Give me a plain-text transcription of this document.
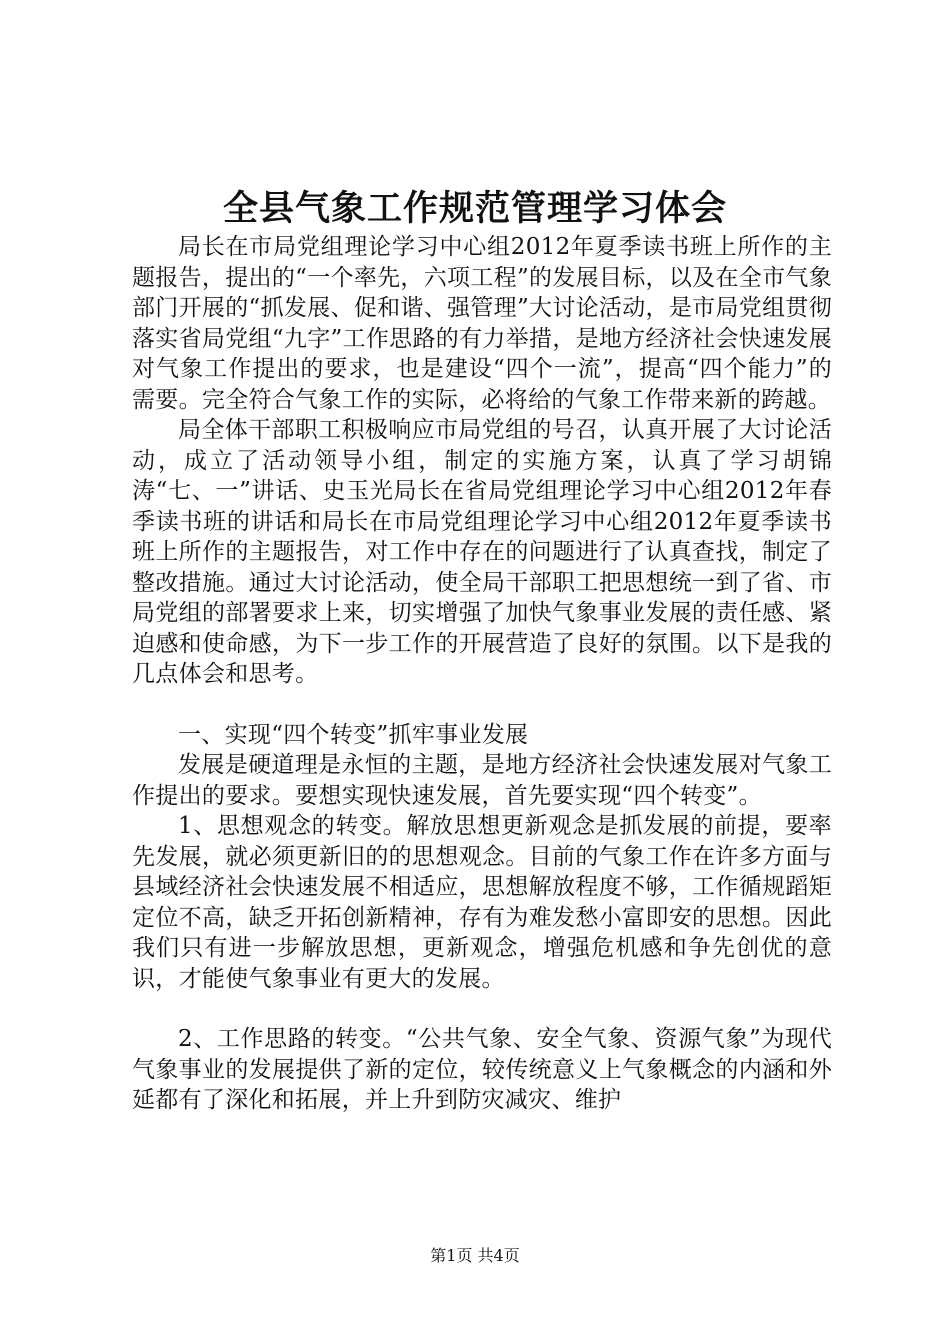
全县气象工作规范管理学习体会

局长在市局党组理论学习中心组2012年夏季读书班上所作的主题报告，提出的“一个率先，六项工程”的发展目标，以及在全市气象部门开展的“抓发展、促和谐、强管理”大讨论活动，是市局党组贯彻落实省局党组“九字”工作思路的有力举措，是地方经济社会快速发展对气象工作提出的要求，也是建设“四个一流”，提高“四个能力”的需要。完全符合气象工作的实际，必将给的气象工作带来新的跨越。

局全体干部职工积极响应市局党组的号召，认真开展了大讨论活动，成立了活动领导小组，制定的实施方案，认真了学习胡锦涛“七、一”讲话、史玉光局长在省局党组理论学习中心组2012年春季读书班的讲话和局长在市局党组理论学习中心组2012年夏季读书班上所作的主题报告，对工作中存在的问题进行了认真查找，制定了整改措施。通过大讨论活动，使全局干部职工把思想统一到了省、市局党组的部署要求上来，切实增强了加快气象事业发展的责任感、紧迫感和使命感，为下一步工作的开展营造了良好的氛围。以下是我的几点体会和思考。

一、实现“四个转变”抓牢事业发展

发展是硬道理是永恒的主题，是地方经济社会快速发展对气象工作提出的要求。要想实现快速发展，首先要实现“四个转变”。

1、思想观念的转变。解放思想更新观念是抓发展的前提，要率先发展，就必须更新旧的的思想观念。目前的气象工作在许多方面与县域经济社会快速发展不相适应，思想解放程度不够，工作循规蹈矩定位不高，缺乏开拓创新精神，存有为难发愁小富即安的思想。因此我们只有进一步解放思想，更新观念，增强危机感和争先创优的意识，才能使气象事业有更大的发展。

2、工作思路的转变。“公共气象、安全气象、资源气象”为现代气象事业的发展提供了新的定位，较传统意义上气象概念的内涵和外延都有了深化和拓展，并上升到防灾减灾、维护

第1页 共4页
